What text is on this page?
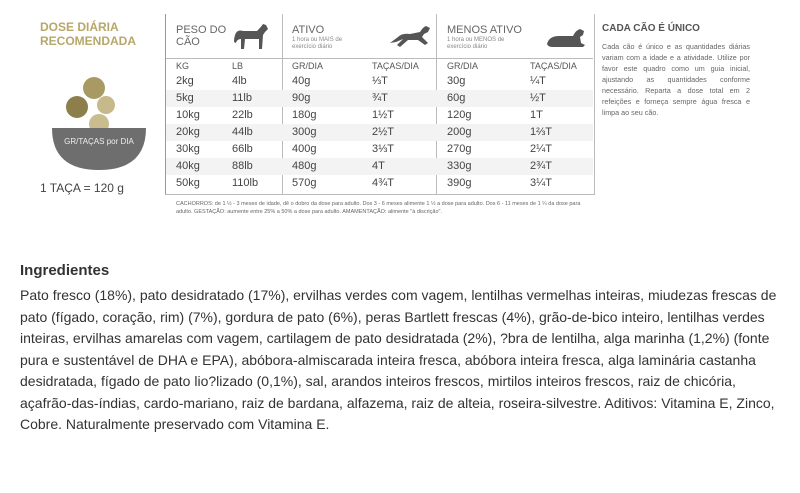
DOSE DIÁRIA RECOMENDADA
GR/TAÇAS por DIA
1 TAÇA = 120 g
PESO DO CÃO
ATIVO
1 hora ou MAIS de exercício diário
MENOS ATIVO
1 hora ou MENOS de exercício diário
KG	LB	GR/DIA	TAÇAS/DIA	GR/DIA	TAÇAS/DIA
2kg	4lb	40g	⅓T	30g	¼T
5kg	11lb	90g	¾T	60g	½T
10kg	22lb	180g	1½T	120g	1T
20kg	44lb	300g	2½T	200g	1⅔T
30kg	66lb	400g	3⅓T	270g	2¼T
40kg	88lb	480g	4T	330g	2¾T
50kg	110lb	570g	4¾T	390g	3¼T
CACHORROS: de 1 ½ - 3 meses de idade, dê o dobro da dose para adulto. Dos 3 - 6 meses alimente 1 ½ a dose para adulto. Dos 6 - 11 meses de 1 ¼ da dose para adulto. GESTAÇÃO: aumente entre 25% a 50% a dose para adulto. AMAMENTAÇÃO: alimente "à discrição".
CADA CÃO É ÚNICO
Cada cão é único e as quantidades diárias variam com a idade e a atividade. Utilize por favor este quadro como um guia inicial, ajustando as quantidades conforme necessário. Reparta a dose total em 2 refeições e forneça sempre água fresca e limpa ao seu cão.
Ingredientes
Pato fresco (18%), pato desidratado (17%), ervilhas verdes com vagem, lentilhas vermelhas inteiras, miudezas frescas de pato (fígado, coração, rim) (7%), gordura de pato (6%), peras Bartlett frescas (4%), grão-de-bico inteiro, lentilhas verdes inteiras, ervilhas amarelas com vagem, cartilagem de pato desidratada (2%), ?bra de lentilha, alga marinha (1,2%) (fonte pura e sustentável de DHA e EPA), abóbora-almiscarada inteira fresca, abóbora inteira fresca, alga laminária castanha desidratada, fígado de pato lio?lizado (0,1%), sal, arandos inteiros frescos, mirtilos inteiros frescos, raiz de chicória, açafrão-das-índias, cardo-mariano, raiz de bardana, alfazema, raiz de alteia, roseira-silvestre. Aditivos: Vitamina E, Zinco, Cobre. Naturalmente preservado com Vitamina E.
